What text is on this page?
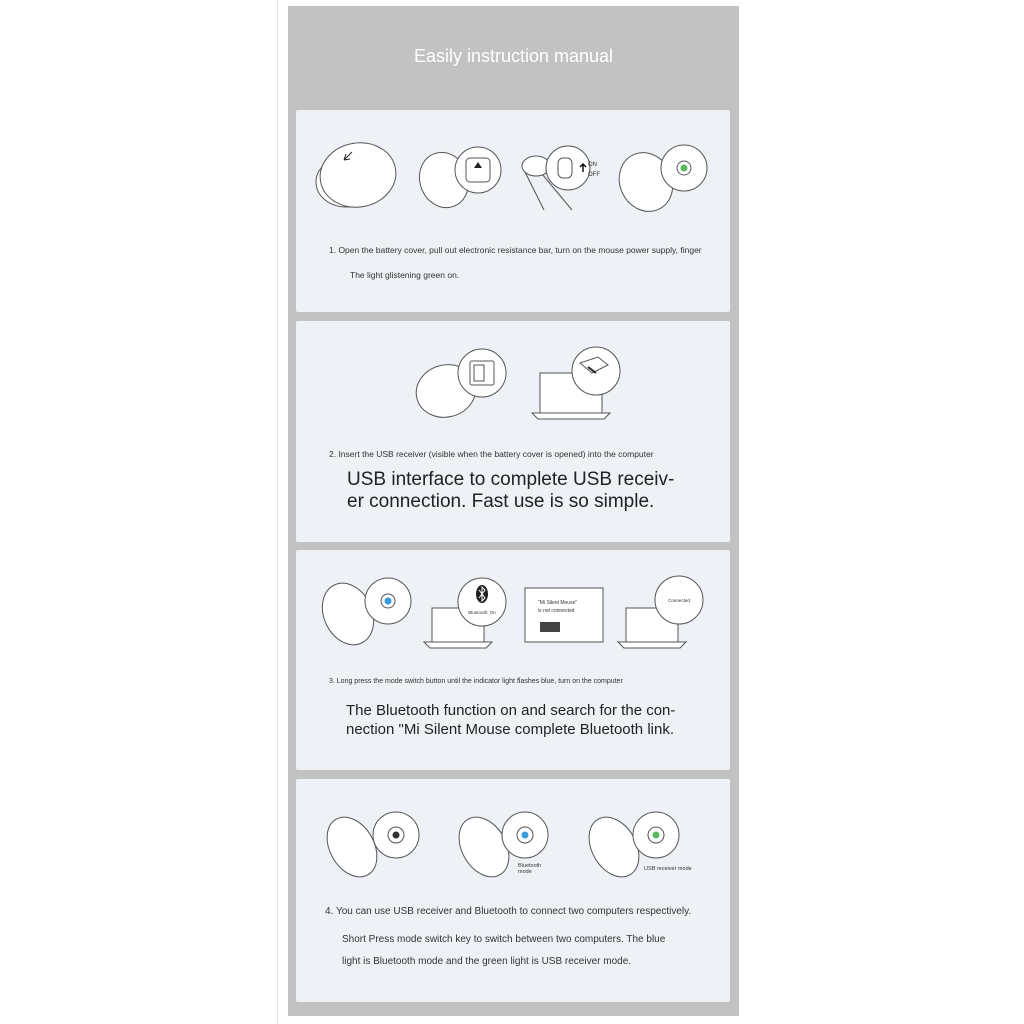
Easily instruction manual
ON
OFF
1. Open the battery cover, pull out electronic resistance bar, turn on the mouse power supply, finger
The light glistening green on.
2. Insert the USB receiver (visible when the battery cover is opened) into the computer
USB interface to complete USB receiv-
er connection. Fast use is so simple.
Bluetooth: On
"Mi Silent Mouse"
is not connected
Connected
3. Long press the mode switch button until the indicator light flashes blue, turn on the computer
The Bluetooth function on and search for the con-
nection "Mi Silent Mouse complete Bluetooth link.
Bluetooth
mode	USB receiver mode
4. You can use USB receiver and Bluetooth to connect two computers respectively.
Short Press mode switch key to switch between two computers. The blue
light is Bluetooth mode and the green light is USB receiver mode.
